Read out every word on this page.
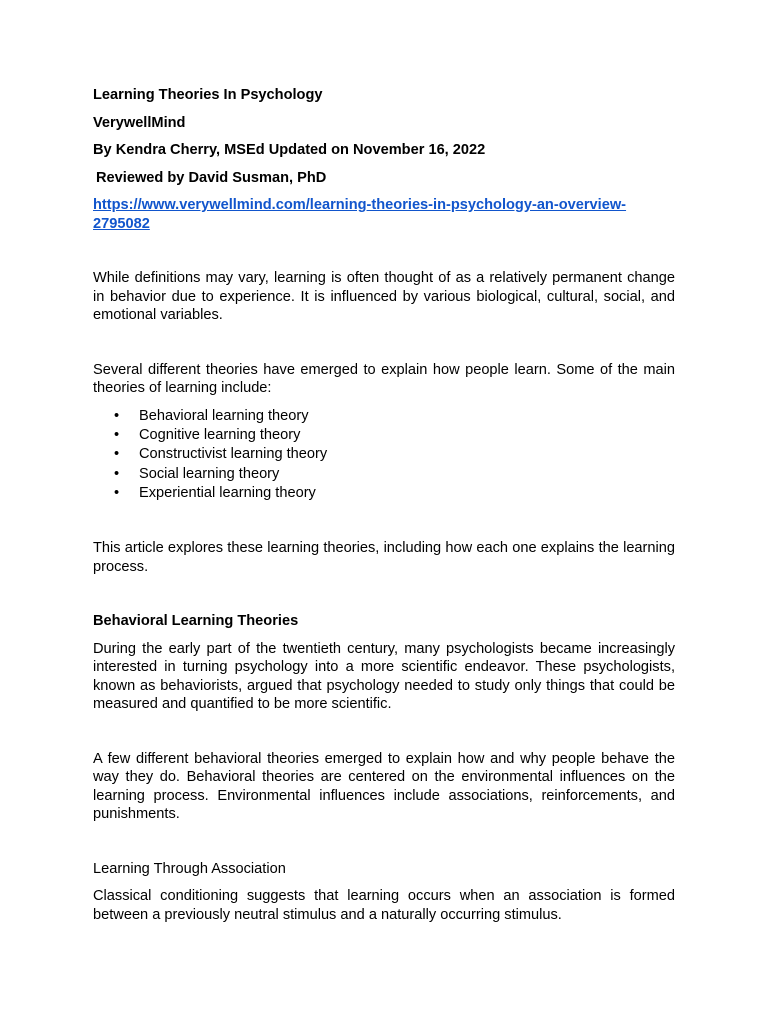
Learning Theories In Psychology
VerywellMind
By Kendra Cherry, MSEd Updated on November 16, 2022
Reviewed by David Susman, PhD
https://www.verywellmind.com/learning-theories-in-psychology-an-overview-
2795082

While definitions may vary, learning is often thought of as a relatively permanent change in behavior due to experience. It is influenced by various biological, cultural, social, and emotional variables.

Several different theories have emerged to explain how people learn. Some of the main theories of learning include:

• Behavioral learning theory
• Cognitive learning theory
• Constructivist learning theory
• Social learning theory
• Experiential learning theory

This article explores these learning theories, including how each one explains the learning process.

Behavioral Learning Theories

During the early part of the twentieth century, many psychologists became increasingly interested in turning psychology into a more scientific endeavor. These psychologists, known as behaviorists, argued that psychology needed to study only things that could be measured and quantified to be more scientific.

A few different behavioral theories emerged to explain how and why people behave the way they do. Behavioral theories are centered on the environmental influences on the learning process. Environmental influences include associations, reinforcements, and punishments.

Learning Through Association

Classical conditioning suggests that learning occurs when an association is formed between a previously neutral stimulus and a naturally occurring stimulus.
